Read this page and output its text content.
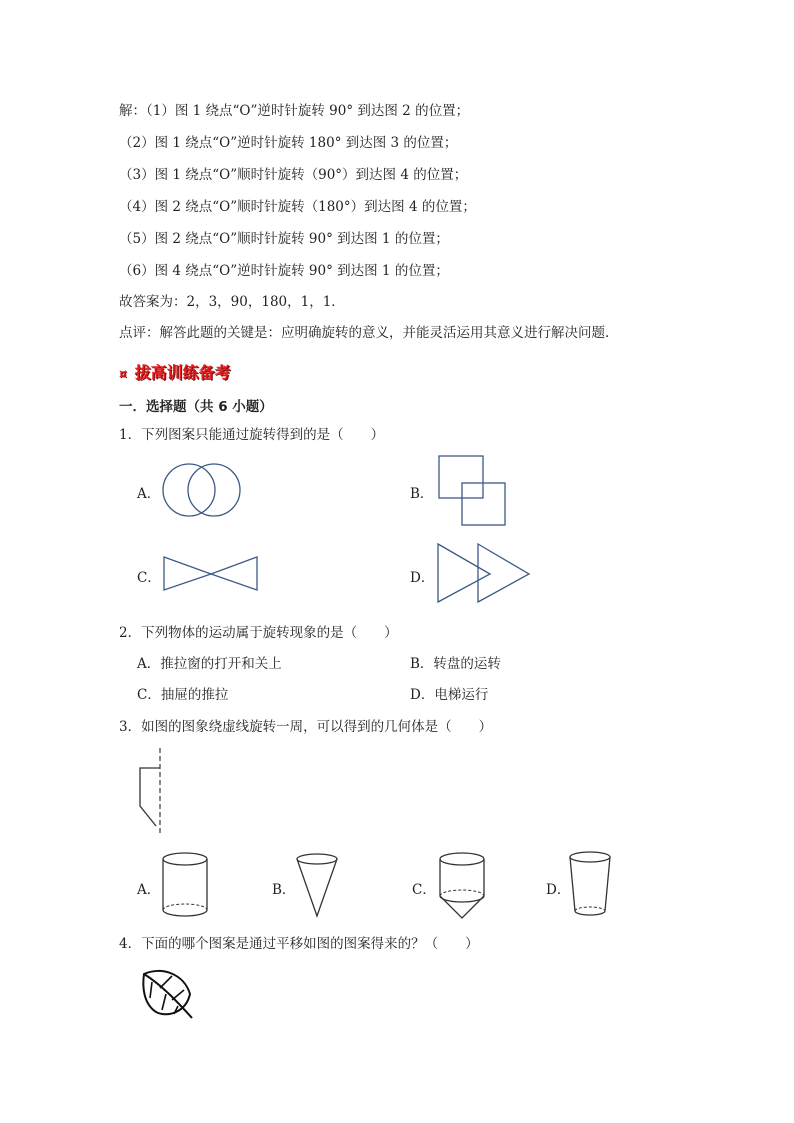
解：（1）图 1 绕点“O”逆时针旋转 90° 到达图 2 的位置；
（2）图 1 绕点“O”逆时针旋转 180° 到达图 3 的位置；
（3）图 1 绕点“O”顺时针旋转（90°）到达图 4 的位置；
（4）图 2 绕点“O”顺时针旋转（180°）到达图 4 的位置；
（5）图 2 绕点“O”顺时针旋转 90° 到达图 1 的位置；
（6）图 4 绕点“O”逆时针旋转 90° 到达图 1 的位置；
故答案为：2，3，90，180，1，1．
点评：解答此题的关键是：应明确旋转的意义，并能灵活运用其意义进行解决问题．
¤ 拔高训练备考
一．选择题（共 6 小题）
1．下列图案只能通过旋转得到的是（　　）
A．	B．
C．	D．
2．下列物体的运动属于旋转现象的是（　　）
A．推拉窗的打开和关上	B．转盘的运转
C．抽屉的推拉	D．电梯运行
3．如图的图象绕虚线旋转一周，可以得到的几何体是（　　）
A．	B．	C．	D．
4．下面的哪个图案是通过平移如图的图案得来的？（　　）
